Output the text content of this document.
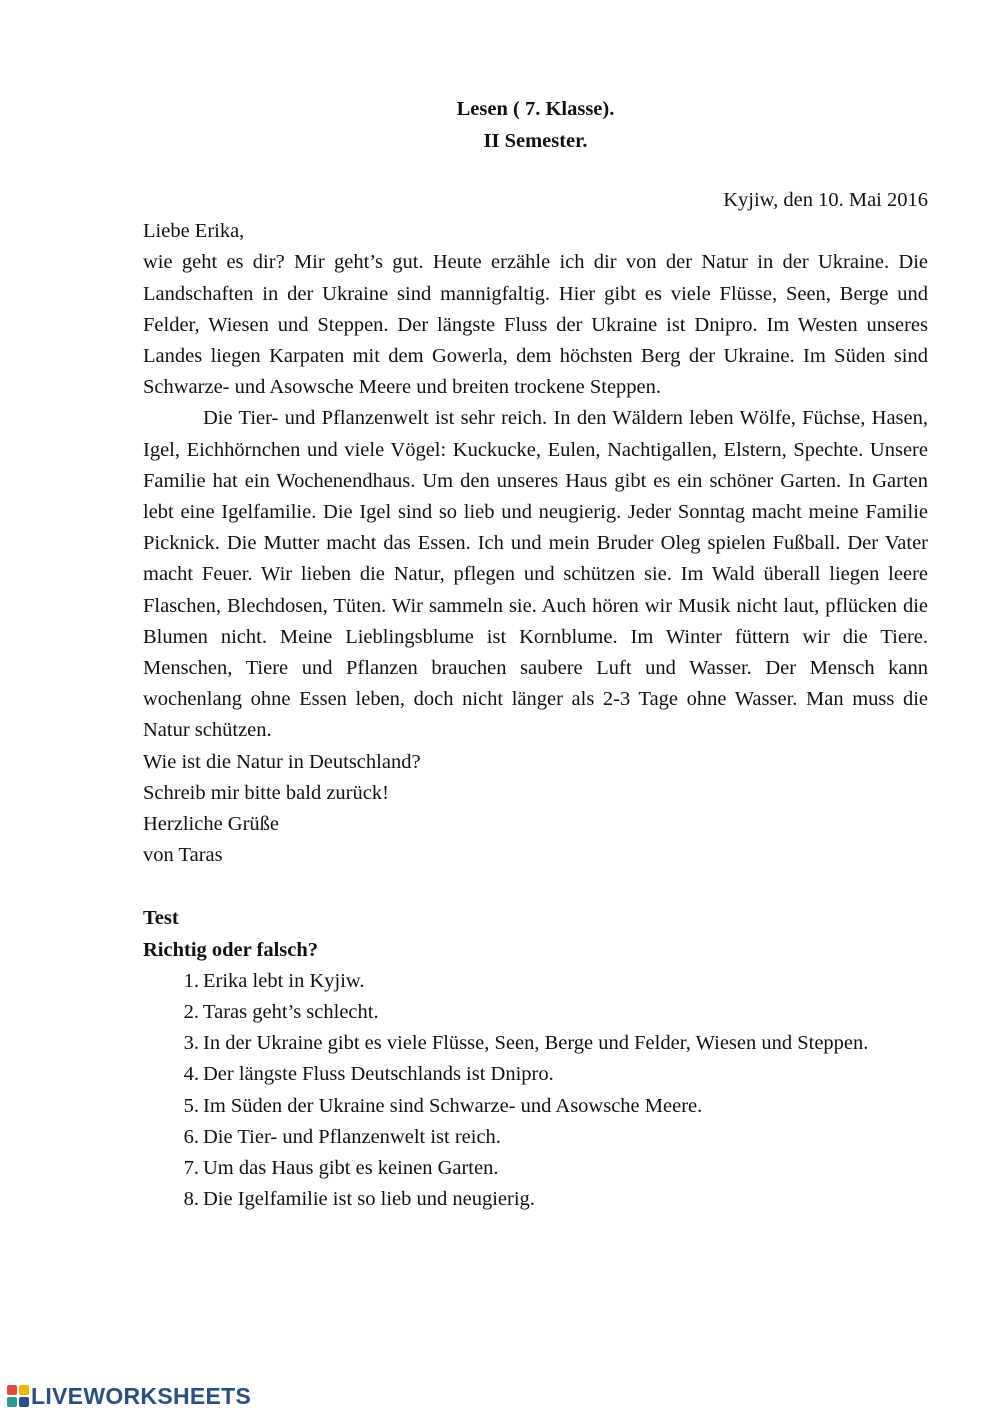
Lesen ( 7. Klasse).
II Semester.
Kyjiw, den 10. Mai 2016

Liebe Erika,

wie geht es dir? Mir geht’s gut. Heute erzähle ich dir von der Natur in der Ukraine. Die Landschaften in der Ukraine sind mannigfaltig. Hier gibt es viele Flüsse, Seen, Berge und Felder, Wiesen und Steppen. Der längste Fluss der Ukraine ist Dnipro. Im Westen unseres Landes liegen Karpaten mit dem Gowerla, dem höchsten Berg der Ukraine. Im Süden sind Schwarze- und Asowsche Meere und breiten trockene Steppen.

Die Tier- und Pflanzenwelt ist sehr reich. In den Wäldern leben Wölfe, Füchse, Hasen, Igel, Eichhörnchen und viele Vögel: Kuckucke, Eulen, Nachtigallen, Elstern, Spechte. Unsere Familie hat ein Wochenendhaus. Um den unseres Haus gibt es ein schöner Garten. In Garten lebt eine Igelfamilie. Die Igel sind so lieb und neugierig. Jeder Sonntag macht meine Familie Picknick. Die Mutter macht das Essen. Ich und mein Bruder Oleg spielen Fußball. Der Vater macht Feuer. Wir lieben die Natur, pflegen und schützen sie. Im Wald überall liegen leere Flaschen, Blechdosen, Tüten. Wir sammeln sie. Auch hören wir Musik nicht laut, pflücken die Blumen nicht. Meine Lieblingsblume ist Kornblume. Im Winter füttern wir die Tiere. Menschen, Tiere und Pflanzen brauchen saubere Luft und Wasser. Der Mensch kann wochenlang ohne Essen leben, doch nicht länger als 2-3 Tage ohne Wasser. Man muss die Natur schützen.

Wie ist die Natur in Deutschland?

Schreib mir bitte bald zurück!

Herzliche Grüße

von Taras

Test
Richtig oder falsch?
1. Erika lebt in Kyjiw.
2. Taras geht’s schlecht.
3. In der Ukraine gibt es viele Flüsse, Seen, Berge und Felder, Wiesen und Steppen.
4. Der längste Fluss Deutschlands ist Dnipro.
5. Im Süden der Ukraine sind Schwarze- und Asowsche Meere.
6. Die Tier- und Pflanzenwelt ist reich.
7. Um das Haus gibt es keinen Garten.
8. Die Igelfamilie ist so lieb und neugierig.
LIVEWORKSHEETS
